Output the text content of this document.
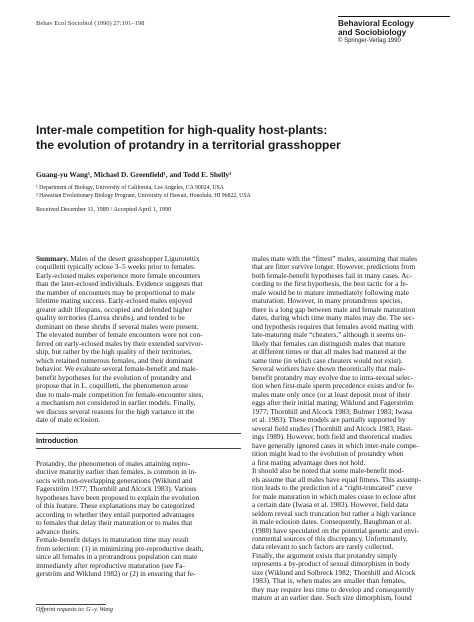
Behav Ecol Sociobiol (1990) 27:191–198	Behavioral Ecology
and Sociobiology
© Springer-Verlag 1990
Inter-male competition for high-quality host-plants:
the evolution of protandry in a territorial grasshopper
Guang-yu Wang¹, Michael D. Greenfield¹, and Todd E. Shelly²
¹ Department of Biology, University of California, Los Angeles, CA 90024, USA
² Hawaiian Evolutionary Biology Program, University of Hawaii, Honolulu, HI 96822, USA
Received December 11, 1989 / Accepted April 1, 1990
Summary. Males of the desert grasshopper Ligurotettix
coquilletti typically eclose 3–5 weeks prior to females.
Early-eclosed males experience more female encounters
than the later-eclosed individuals. Evidence suggests that
the number of encounters may be proportional to male
lifetime mating success. Early-eclosed males enjoyed
greater adult lifespans, occupied and defended higher
quality territories (Larrea shrubs), and tended to be
dominant on these shrubs if several males were present.
The elevated number of female encounters were not con-
ferred on early-eclosed males by their extended survivor-
ship, but rather by the high quality of their territories,
which retained numerous females, and their dominant
behavior. We evaluate several female-benefit and male-
benefit hypotheses for the evolution of protandry and
propose that in L. coquilletti, the phenomenon arose
due to male-male competition for female-encounter sites,
a mechanism not considered in earlier models. Finally,
we discuss several reasons for the high variance in the
date of male eclosion.
Introduction
Protandry, the phenomenon of males attaining repro-
ductive maturity earlier than females, is common in in-
sects with non-overlapping generations (Wiklund and
Fagerström 1977; Thornhill and Alcock 1983). Various
hypotheses have been proposed to explain the evolution
of this feature. These explanations may be categorized
according to whether they entail purported advantages
to females that delay their maturation or to males that
advance theirs.
Female-benefit delays in maturation time may result
from selection: (1) in minimizing pre-reproductive death,
since all females in a protrandrous population can mate
immediately after reproductive maturation (see Fa-
gerström and Wiklund 1982) or (2) in ensuring that fe-
males mate with the “fittest” males, assuming that males
that are fitter survive longer. However, predictions from
both female-benefit hypotheses fail in many cases. Ac-
cording to the first hypothesis, the best tactic for a fe-
male would be to mature immediately following male
maturation. However, in many protandrous species,
there is a long gap between male and female maturation
dates, during which time many males may die. The sec-
ond hypothesis requires that females avoid mating with
late-maturing male “cheaters,” although it seems un-
likely that females can distinguish males that mature
at different times or that all males had matured at the
same time (in which case cheaters would not exist).
Several workers have shown theoretically that male-
benefit protandry may evolve due to intra-sexual selec-
tion when first-male sperm precedence exists and/or fe-
males mate only once (or at least deposit most of their
eggs after their initial mating; Wiklund and Fagerström
1977; Thornhill and Alcock 1983; Bulmer 1983; Iwasa
et al. 1983). These models are partially supported by
several field studies (Thornhill and Alcock 1983; Hast-
ings 1989). However, both field and theoretical studies
have generally ignored cases in which inter-male compe-
tition might lead to the evolution of protandry when
a first mating advantage does not hold.
It should also be noted that some male-benefit mod-
els assume that all males have equal fitness. This assump-
tion leads to the prediction of a “right-truncated” curve
for male maturation in which males cease to eclose after
a certain date (Iwasa et al. 1983). However, field data
seldom reveal such truncation but rather a high variance
in male eclosion dates. Consequently, Baughman et al.
(1988) have speculated on the potential genetic and envi-
ronmental sources of this discrepancy. Unfortunately,
data relevant to such factors are rarely collected.
Finally, the argument exists that protandry simply
represents a by-product of sexual dimorphism in body
size (Wiklund and Solbreck 1982; Thornhill and Alcock
1983). That is, when males are smaller than females,
they may require less time to develop and consequently
mature at an earlier date. Such size dimorphism, found
Offprint requests to: G.-y. Wang
